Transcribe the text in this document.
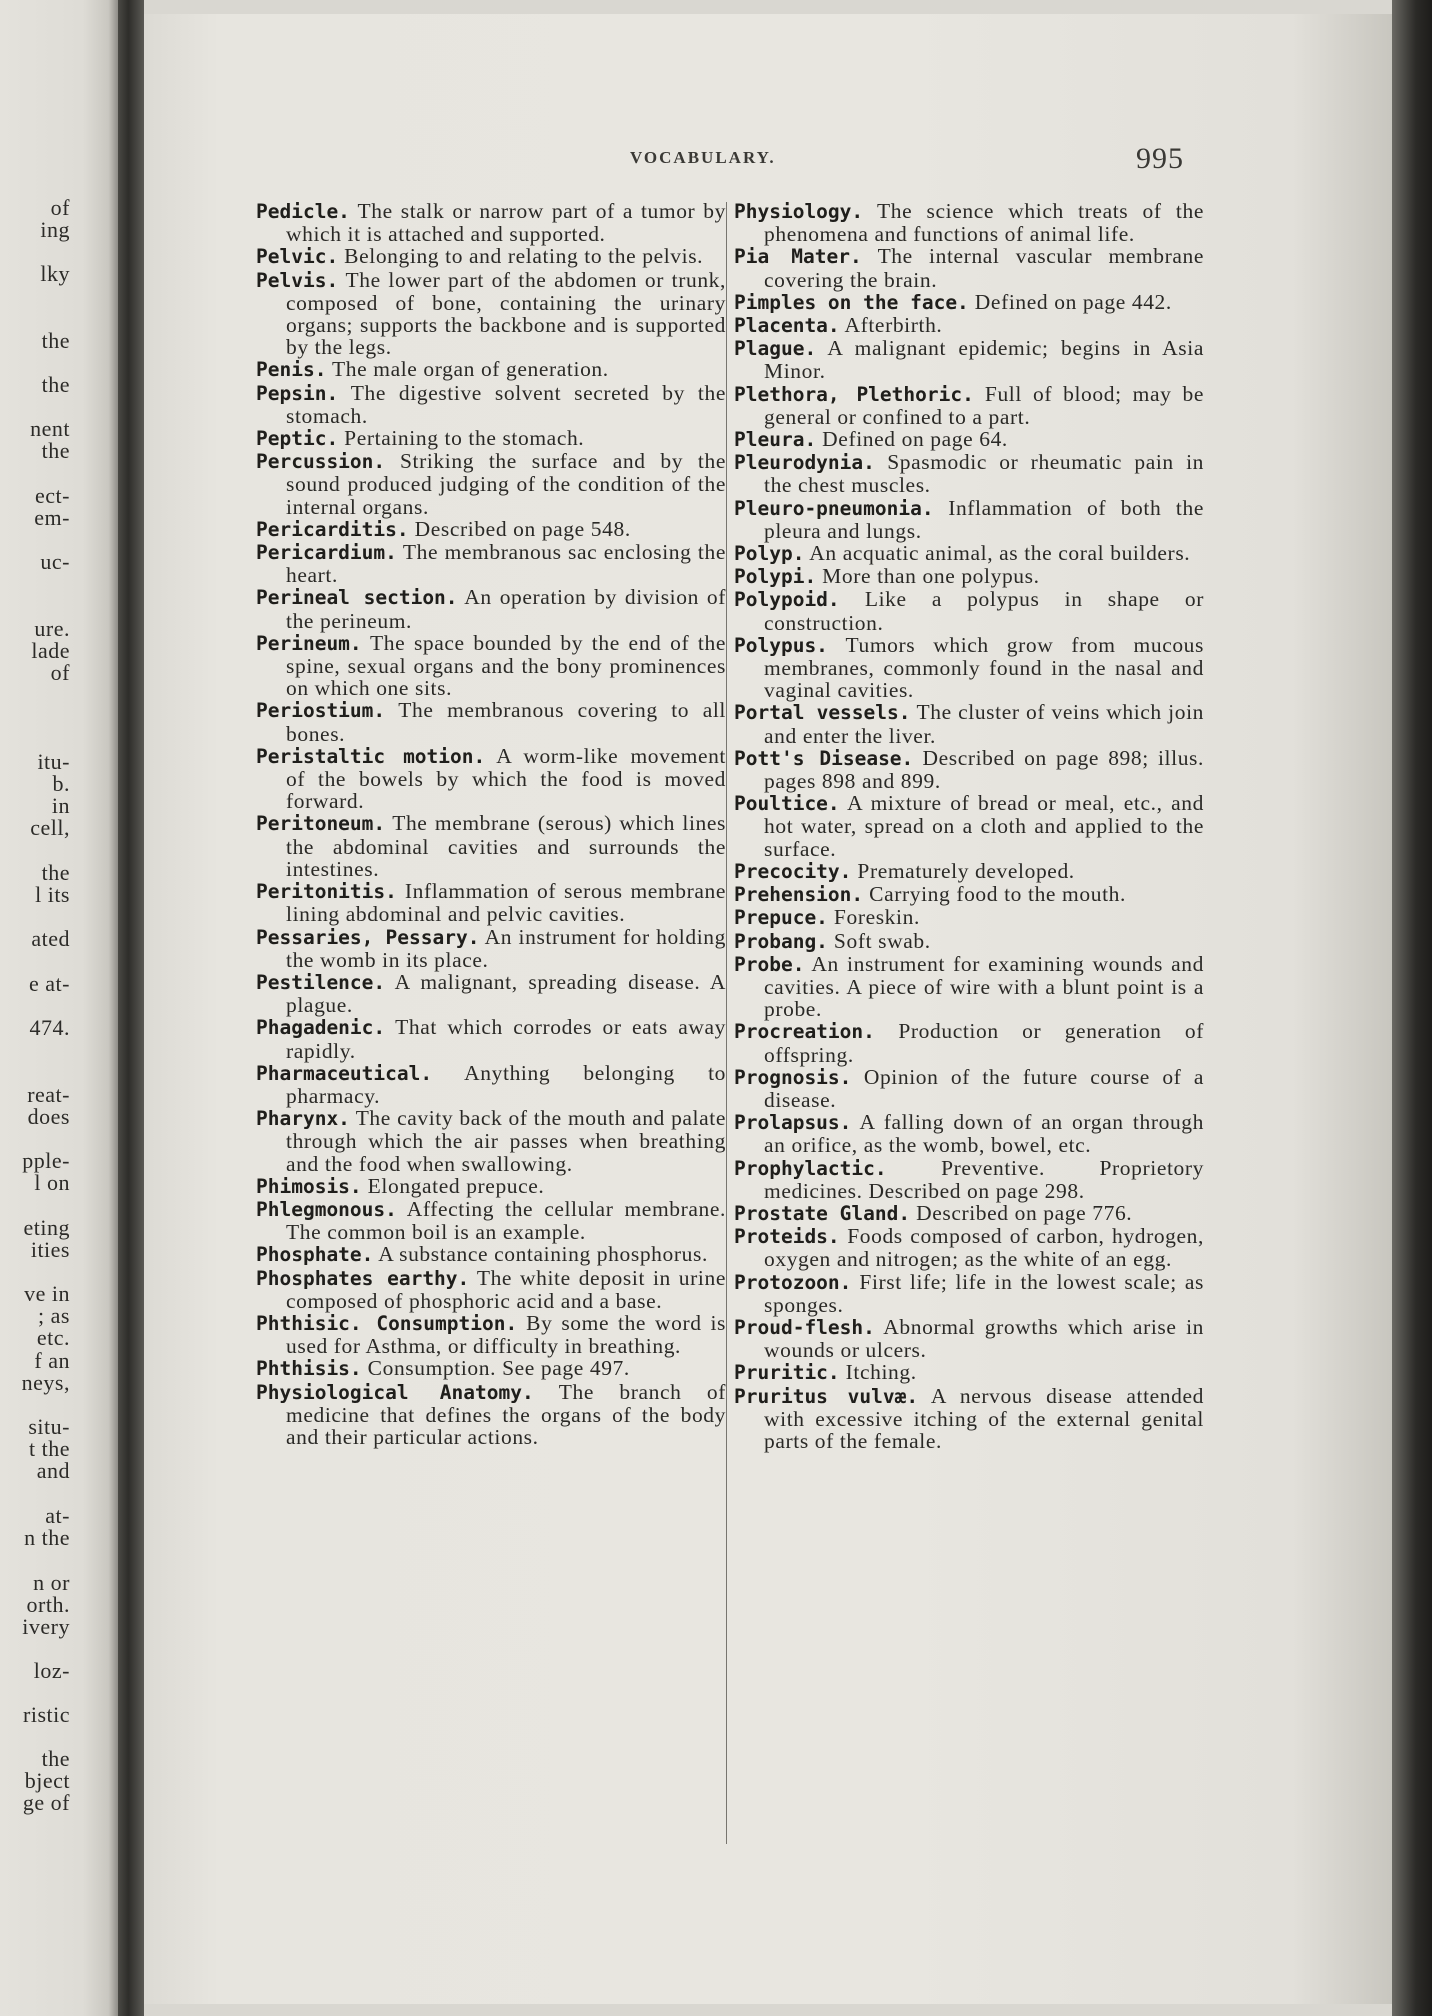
of
ing
lky
the
the
nent
the
ect-
em-
uc-
ure.
lade
of
itu-
b.
in
cell,
the
l its
ated
e at-
474.
reat-
does
pple-
l on
eting
ities
ve in
; as
etc.
f an
neys,
situ-
t the
and
at-
n the
n or
orth.
ivery
loz-
ristic
the
bject
ge of
VOCABULARY.	995
Pedicle. The stalk or narrow part of a tumor by which it is attached and supported.
Pelvic. Belonging to and relating to the pelvis.
Pelvis. The lower part of the abdomen or trunk, composed of bone, containing the urinary organs; supports the backbone and is supported by the legs.
Penis. The male organ of generation.
Pepsin. The digestive solvent secreted by the stomach.
Peptic. Pertaining to the stomach.
Percussion. Striking the surface and by the sound produced judging of the condition of the internal organs.
Pericarditis. Described on page 548.
Pericardium. The membranous sac enclosing the heart.
Perineal section. An operation by division of the perineum.
Perineum. The space bounded by the end of the spine, sexual organs and the bony prominences on which one sits.
Periostium. The membranous covering to all bones.
Peristaltic motion. A worm-like movement of the bowels by which the food is moved forward.
Peritoneum. The membrane (serous) which lines the abdominal cavities and surrounds the intestines.
Peritonitis. Inflammation of serous membrane lining abdominal and pelvic cavities.
Pessaries, Pessary. An instrument for holding the womb in its place.
Pestilence. A malignant, spreading disease. A plague.
Phagadenic. That which corrodes or eats away rapidly.
Pharmaceutical. Anything belonging to pharmacy.
Pharynx. The cavity back of the mouth and palate through which the air passes when breathing and the food when swallowing.
Phimosis. Elongated prepuce.
Phlegmonous. Affecting the cellular membrane. The common boil is an example.
Phosphate. A substance containing phosphorus.
Phosphates earthy. The white deposit in urine composed of phosphoric acid and a base.
Phthisic. Consumption. By some the word is used for Asthma, or difficulty in breathing.
Phthisis. Consumption. See page 497.
Physiological Anatomy. The branch of medicine that defines the organs of the body and their particular actions.
Physiology. The science which treats of the phenomena and functions of animal life.
Pia Mater. The internal vascular membrane covering the brain.
Pimples on the face. Defined on page 442.
Placenta. Afterbirth.
Plague. A malignant epidemic; begins in Asia Minor.
Plethora, Plethoric. Full of blood; may be general or confined to a part.
Pleura. Defined on page 64.
Pleurodynia. Spasmodic or rheumatic pain in the chest muscles.
Pleuro-pneumonia. Inflammation of both the pleura and lungs.
Polyp. An acquatic animal, as the coral builders.
Polypi. More than one polypus.
Polypoid. Like a polypus in shape or construction.
Polypus. Tumors which grow from mucous membranes, commonly found in the nasal and vaginal cavities.
Portal vessels. The cluster of veins which join and enter the liver.
Pott's Disease. Described on page 898; illus. pages 898 and 899.
Poultice. A mixture of bread or meal, etc., and hot water, spread on a cloth and applied to the surface.
Precocity. Prematurely developed.
Prehension. Carrying food to the mouth.
Prepuce. Foreskin.
Probang. Soft swab.
Probe. An instrument for examining wounds and cavities. A piece of wire with a blunt point is a probe.
Procreation. Production or generation of offspring.
Prognosis. Opinion of the future course of a disease.
Prolapsus. A falling down of an organ through an orifice, as the womb, bowel, etc.
Prophylactic.	Preventive. Proprietory medicines. Described on page 298.
Prostate Gland. Described on page 776.
Proteids. Foods composed of carbon, hydrogen, oxygen and nitrogen; as the white of an egg.
Protozoon. First life; life in the lowest scale; as sponges.
Proud-flesh. Abnormal growths which arise in wounds or ulcers.
Pruritic. Itching.
Pruritus vulvæ. A nervous disease attended with excessive itching of the external genital parts of the female.
